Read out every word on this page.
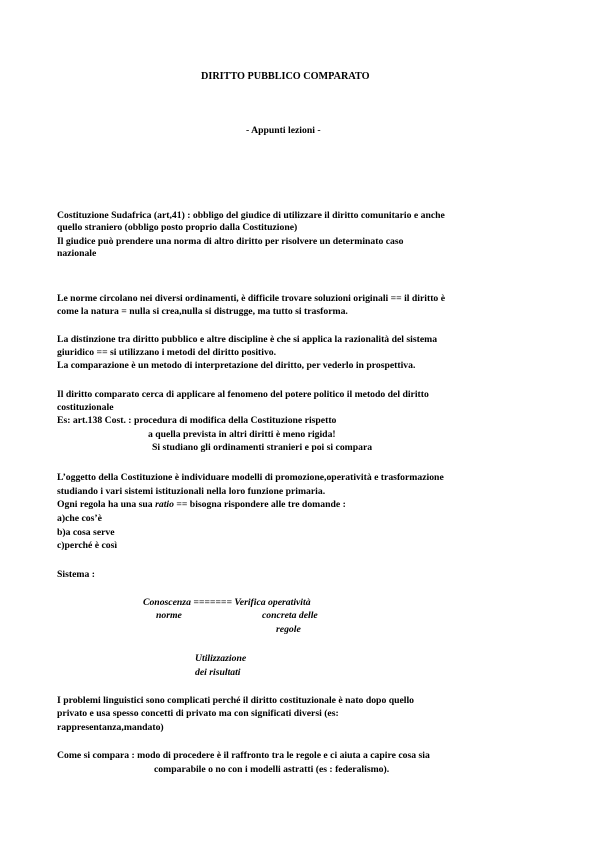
DIRITTO PUBBLICO COMPARATO

- Appunti lezioni -

Costituzione Sudafrica (art,41) : obbligo del giudice di utilizzare il diritto comunitario e anche

quello straniero (obbligo posto proprio dalla Costituzione)

Il giudice può prendere una norma di altro diritto per risolvere un determinato caso

nazionale

Le norme circolano nei diversi ordinamenti, è difficile trovare soluzioni originali == il diritto è

come la natura = nulla si crea,nulla si distrugge, ma tutto si trasforma.

La distinzione tra diritto pubblico e altre discipline è che si applica la razionalità del sistema

giuridico == si utilizzano i metodi del diritto positivo.

La comparazione è un metodo di interpretazione del diritto, per vederlo in prospettiva.

Il diritto comparato cerca di applicare al fenomeno del potere politico il metodo del diritto

costituzionale

Es: art.138 Cost. : procedura di modifica della Costituzione rispetto

a quella prevista in altri diritti è meno rigida!

Si studiano gli ordinamenti stranieri e poi si compara

L’oggetto della Costituzione è individuare modelli di promozione,operatività e trasformazione

studiando i vari sistemi istituzionali nella loro funzione primaria.

Ogni regola ha una sua ratio == bisogna rispondere alle tre domande :

a)che cos’è

b)a cosa serve

c)perché è così

Sistema :

Conoscenza ======= Verifica operatività

norme	concreta delle

regole

Utilizzazione

dei risultati

I problemi linguistici sono complicati perché il diritto costituzionale è nato dopo quello

privato e usa spesso concetti di privato ma con significati diversi (es:

rappresentanza,mandato)

Come si compara : modo di procedere è il raffronto tra le regole e ci aiuta a capire cosa sia

comparabile o no con i modelli astratti (es : federalismo).
